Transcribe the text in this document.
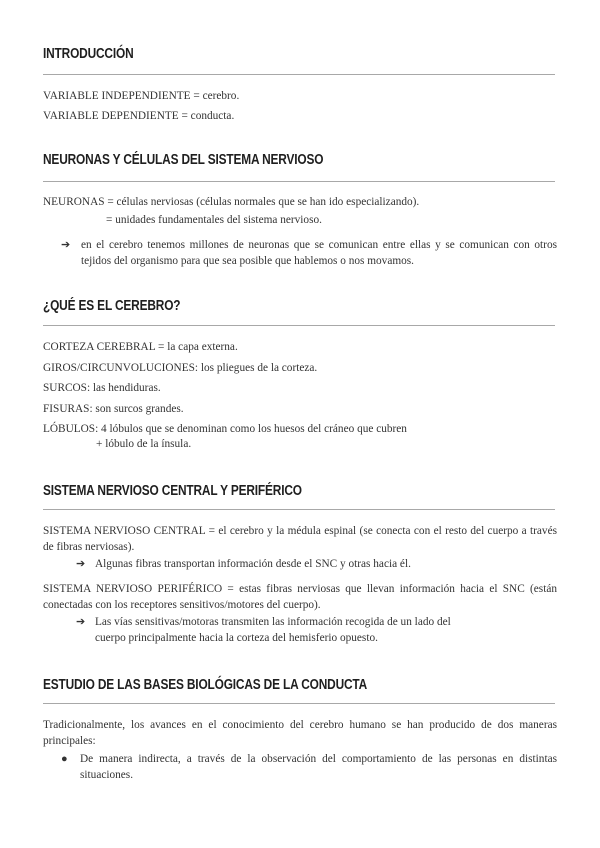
INTRODUCCIÓN
VARIABLE INDEPENDIENTE = cerebro.
VARIABLE DEPENDIENTE = conducta.
NEURONAS Y CÉLULAS DEL SISTEMA NERVIOSO
NEURONAS = células nerviosas (células normales que se han ido especializando).
= unidades fundamentales del sistema nervioso.
➔ en el cerebro tenemos millones de neuronas que se comunican entre ellas y se comunican con otros tejidos del organismo para que sea posible que hablemos o nos movamos.
¿QUÉ ES EL CEREBRO?
CORTEZA CEREBRAL = la capa externa.
GIROS/CIRCUNVOLUCIONES: los pliegues de la corteza.
SURCOS: las hendiduras.
FISURAS: son surcos grandes.
LÓBULOS: 4 lóbulos que se denominan como los huesos del cráneo que cubren
+ lóbulo de la ínsula.
SISTEMA NERVIOSO CENTRAL Y PERIFÉRICO
SISTEMA NERVIOSO CENTRAL = el cerebro y la médula espinal (se conecta con el resto del cuerpo a través de fibras nerviosas).
➔ Algunas fibras transportan información desde el SNC y otras hacia él.
SISTEMA NERVIOSO PERIFÉRICO = estas fibras nerviosas que llevan información hacia el SNC (están conectadas con los receptores sensitivos/motores del cuerpo).
➔ Las vías sensitivas/motoras transmiten las información recogida de un lado del
cuerpo principalmente hacia la corteza del hemisferio opuesto.
ESTUDIO DE LAS BASES BIOLÓGICAS DE LA CONDUCTA
Tradicionalmente, los avances en el conocimiento del cerebro humano se han producido de dos maneras principales:
● De manera indirecta, a través de la observación del comportamiento de las personas en distintas situaciones.
